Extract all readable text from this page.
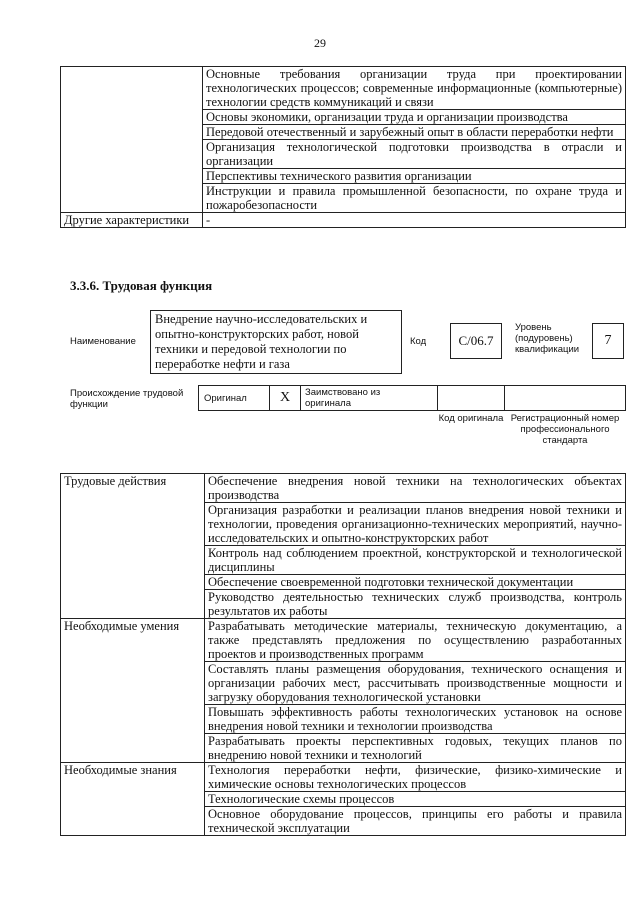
29
	Основные требования организации труда при проектировании технологических процессов; современные информационные (компьютерные) технологии средств коммуникаций и связи
	Основы экономики, организации труда и организации производства
	Передовой отечественный и зарубежный опыт в области переработки нефти
	Организация технологической подготовки производства в отрасли и организации
	Перспективы технического развития организации
	Инструкции и правила промышленной безопасности, по охране труда и пожаробезопасности
Другие характеристики	-
3.3.6. Трудовая функция
Наименование
Внедрение научно-исследовательских и опытно-конструкторских работ, новой техники и передовой технологии по переработке нефти и газа
Код	С/06.7
Уровень (подуровень) квалификации
7
Происхождение трудовой функции
Оригинал	X	Заимствовано из оригинала
Код оригинала Регистрационный номер профессионального стандарта
Трудовые действия	Обеспечение внедрения новой техники на технологических объектах производства
	Организация разработки и реализации планов внедрения новой техники и технологии, проведения организационно-технических мероприятий, научно-исследовательских и опытно-конструкторских работ
	Контроль над соблюдением проектной, конструкторской и технологической дисциплины
	Обеспечение своевременной подготовки технической документации
	Руководство деятельностью технических служб производства, контроль результатов их работы
Необходимые умения	Разрабатывать методические материалы, техническую документацию, а также представлять предложения по осуществлению разработанных проектов и производственных программ
	Составлять планы размещения оборудования, технического оснащения и организации рабочих мест, рассчитывать производственные мощности и загрузку оборудования технологической установки
	Повышать эффективность работы технологических установок на основе внедрения новой техники и технологии производства
	Разрабатывать проекты перспективных годовых, текущих планов по внедрению новой техники и технологий
Необходимые знания	Технология переработки нефти, физические, физико-химические и химические основы технологических процессов
	Технологические схемы процессов
	Основное оборудование процессов, принципы его работы и правила технической эксплуатации
